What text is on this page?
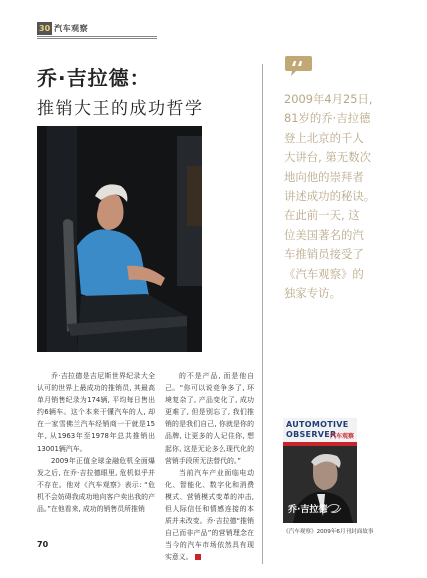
30 汽车观察
乔·吉拉德：
推销大王的成功哲学	2009年4月25日,
81岁的乔·吉拉德
登上北京的千人
大讲台, 第无数次
地向他的崇拜者
讲述成功的秘诀。
在此前一天, 这
位美国著名的汽
车推销员接受了
《汽车观察》的
独家专访。

乔·吉拉德是吉尼斯世界纪录大全认可的世界上最成功的推销员, 其最高单月销售纪录为174辆, 平均每日售出约6辆车。这个本来干懂汽车的人, 却在一家雪佛兰汽车经销商一干就是15年, 从1963年至1978年总共推销出13001辆汽车。

2009年正值全球金融危机全面爆发之后, 在乔·吉拉德眼里, 危机似乎并不存在。他对《汽车观察》表示: “危机不会妨碍我成功地向客户卖出我的产品。”在他看来, 成功的销售员所推销

的不是产品, 而是他自己。“你可以说竞争多了, 环境复杂了, 产品变化了, 成功更难了, 但是别忘了, 我们推销的是我们自己, 你就是你的品牌, 让更多的人记住你, 想起你, 这是无论多么现代化的营销手段所无法替代的。”

当前汽车产业面临电动化、智能化、数字化和消费模式、营销模式变革的冲击, 但人际信任和情感连接的本质并未改变。乔·吉拉德“推销自己而非产品”的营销理念在当今的汽车市场依然具有现实意义。

70
AUTOMOTIVE
OBSERVER
汽车观察
乔·吉拉德
《汽车观察》2009年6月刊封面故事
